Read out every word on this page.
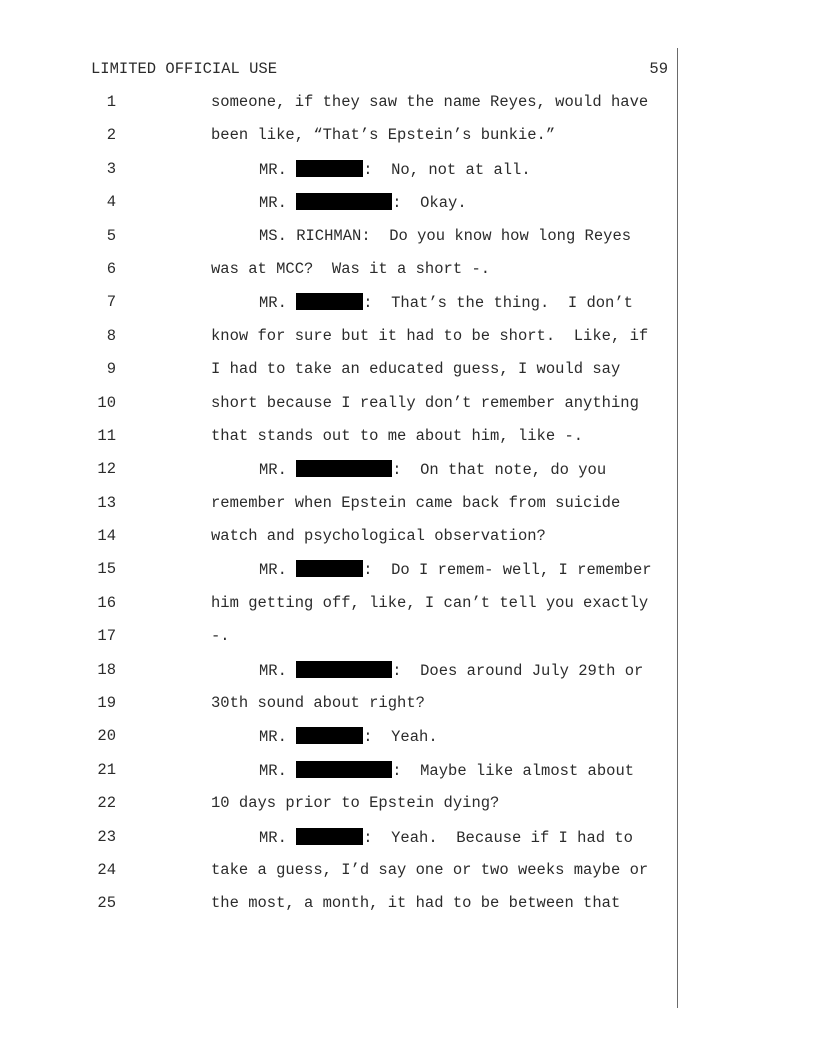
LIMITED OFFICIAL USE	59
1	someone, if they saw the name Reyes, would have
2	been like, “That’s Epstein’s bunkie.”
3	MR.	:  No, not at all.
4	MR.	:  Okay.
5	MS. RICHMAN:  Do you know how long Reyes
6	was at MCC?  Was it a short -.
7	MR.	:  That’s the thing.  I don’t
8	know for sure but it had to be short.  Like, if
9	I had to take an educated guess, I would say
10	short because I really don’t remember anything
11	that stands out to me about him, like -.
12	MR.	:  On that note, do you
13	remember when Epstein came back from suicide
14	watch and psychological observation?
15	MR.	:  Do I remem- well, I remember
16	him getting off, like, I can’t tell you exactly
17	-.
18	MR.	:  Does around July 29th or
19	30th sound about right?
20	MR.	:  Yeah.
21	MR.	:  Maybe like almost about
22	10 days prior to Epstein dying?
23	MR.	:  Yeah.  Because if I had to
24	take a guess, I’d say one or two weeks maybe or
25	the most, a month, it had to be between that
